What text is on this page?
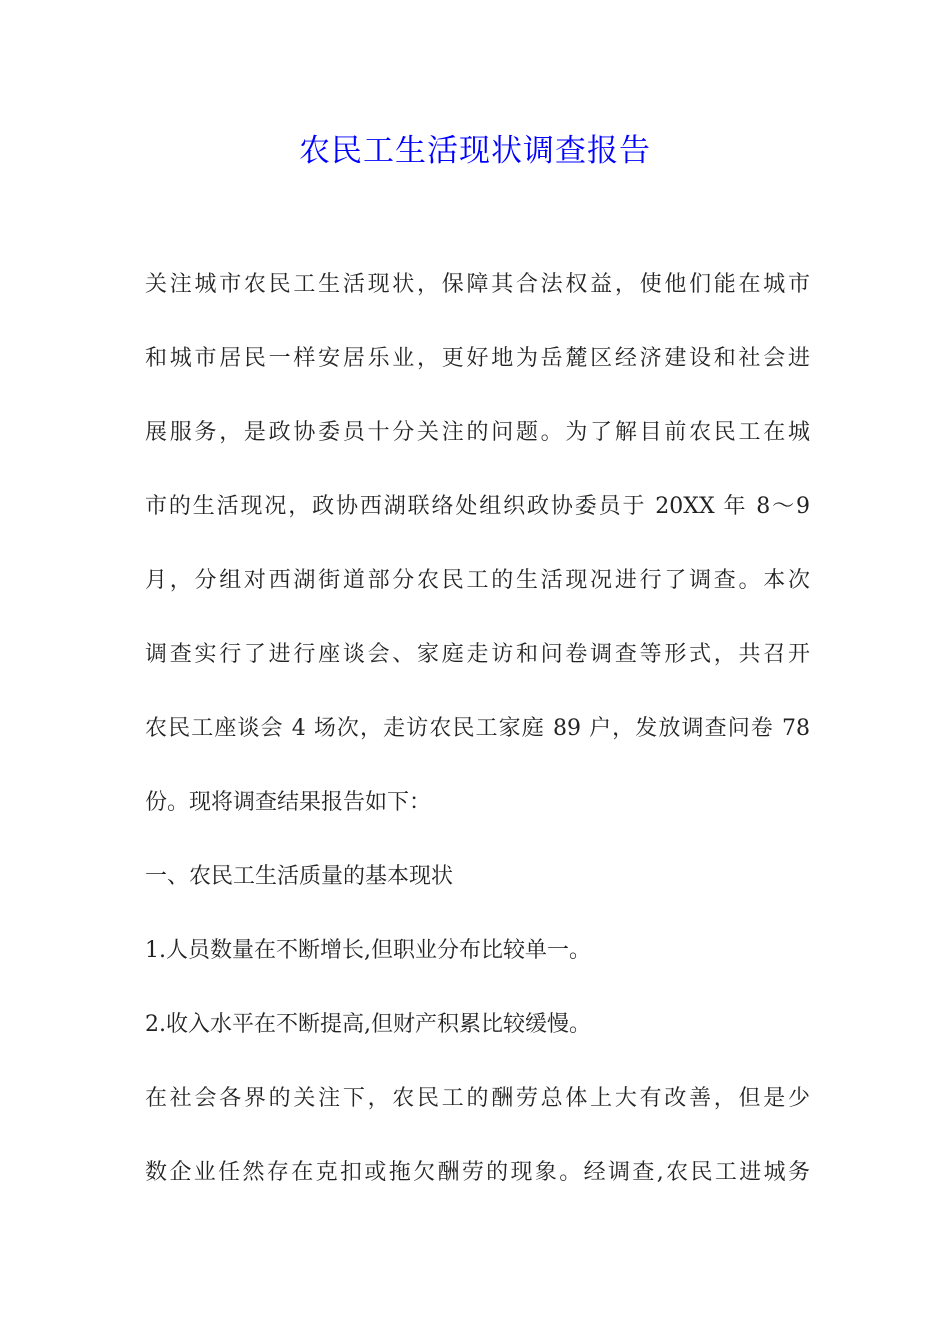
农民工生活现状调查报告
关注城市农民工生活现状，保障其合法权益，使他们能在城市
和城市居民一样安居乐业，更好地为岳麓区经济建设和社会进
展服务，是政协委员十分关注的问题。为了解目前农民工在城
市的生活现况，政协西湖联络处组织政协委员于 20XX 年 8～9
月，分组对西湖街道部分农民工的生活现况进行了调查。本次
调查实行了进行座谈会、家庭走访和问卷调查等形式，共召开
农民工座谈会 4 场次，走访农民工家庭 89 户，发放调查问卷 78
份。现将调查结果报告如下：
一、农民工生活质量的基本现状
1.人员数量在不断增长,但职业分布比较单一。
2.收入水平在不断提高,但财产积累比较缓慢。
在社会各界的关注下，农民工的酬劳总体上大有改善，但是少
数企业任然存在克扣或拖欠酬劳的现象。经调查,农民工进城务
